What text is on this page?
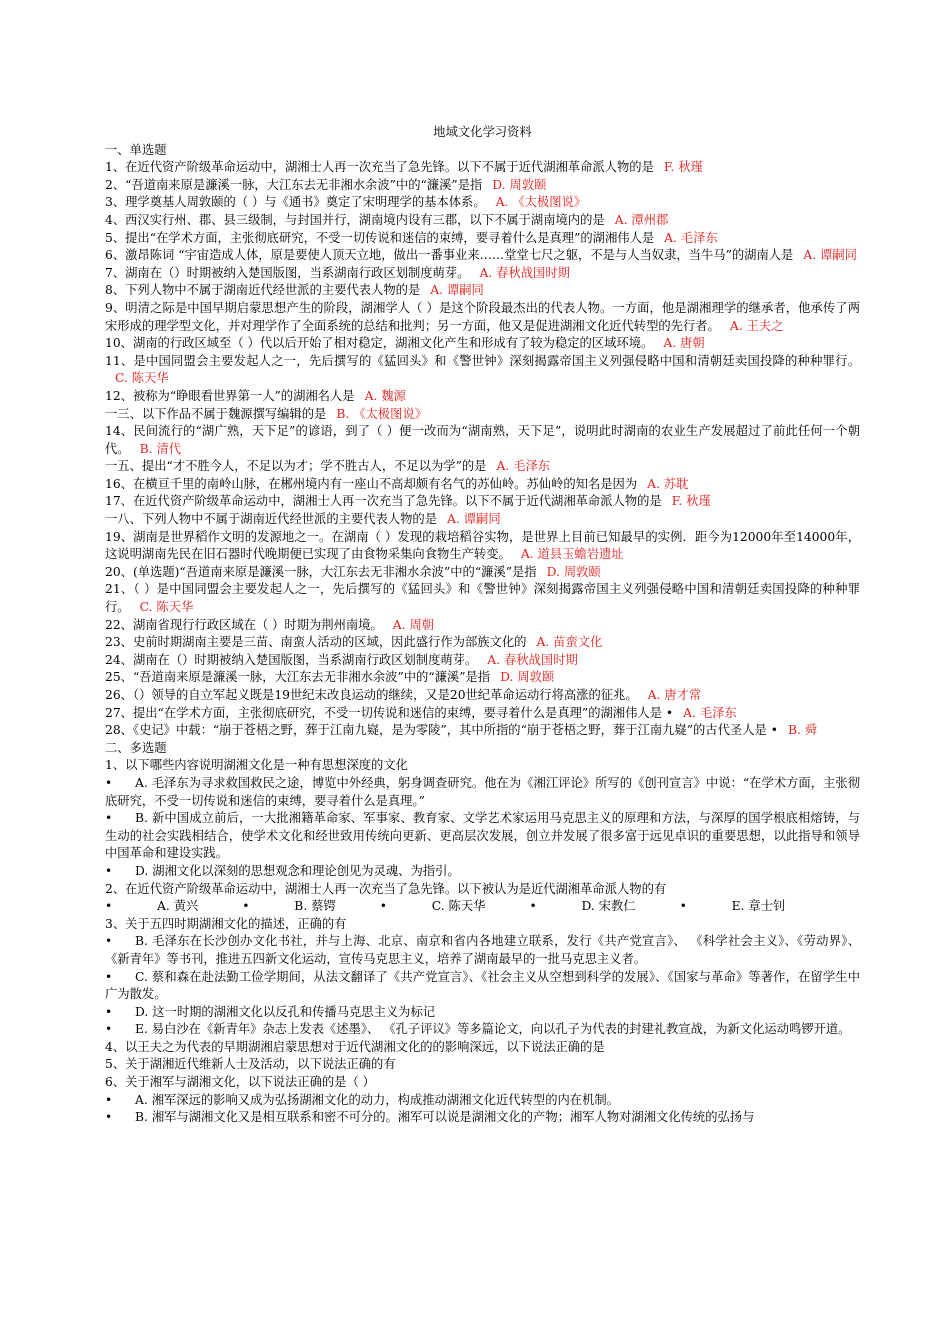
地域文化学习资料

一、单选题

1、在近代资产阶级革命运动中，湖湘士人再一次充当了急先锋。以下不属于近代湖湘革命派人物的是 F. 秋瑾

2、“吾道南来原是濂溪一脉，大江东去无非湘水余波”中的“濂溪”是指 D. 周敦颐

3、理学奠基人周敦颐的（ ）与《通书》奠定了宋明理学的基本体系。 A. 《太极图说》

4、西汉实行州、郡、县三级制，与封国并行，湖南境内设有三郡，以下不属于湖南境内的是 A. 潭州郡

5、提出“在学术方面，主张彻底研究，不受一切传说和迷信的束缚，要寻着什么是真理”的湖湘伟人是 A. 毛泽东

6、激昂陈词 “宇宙造成人体，原是要使人顶天立地，做出一番事业来……堂堂七尺之躯，不是与人当奴隶，当牛马”的湖南人是 A. 谭嗣同

7、湖南在（）时期被纳入楚国版图，当系湖南行政区划制度萌芽。 A. 春秋战国时期

8、下列人物中不属于湖南近代经世派的主要代表人物的是 A. 谭嗣同

9、明清之际是中国早期启蒙思想产生的阶段，湖湘学人（ ）是这个阶段最杰出的代表人物。一方面，他是湖湘理学的继承者，他承传了两宋形成的理学型文化，并对理学作了全面系统的总结和批判；另一方面，他又是促进湖湘文化近代转型的先行者。 A. 王夫之

10、湖南的行政区域至（ ）代以后开始了相对稳定，湖湘文化产生和形成有了较为稳定的区域环境。 A. 唐朝

11、是中国同盟会主要发起人之一，先后撰写的《猛回头》和《警世钟》深刻揭露帝国主义列强侵略中国和清朝廷卖国投降的种种罪行。C. 陈天华

12、被称为“睁眼看世界第一人”的湖湘名人是 A. 魏源

一三、以下作品不属于魏源撰写编辑的是 B. 《太极图说》

14、民间流行的“湖广熟，天下足”的谚语，到了（ ）便一改而为“湖南熟，天下足”，说明此时湖南的农业生产发展超过了前此任何一个朝代。 B. 清代

一五、提出“才不胜今人，不足以为才；学不胜古人，不足以为学”的是 A. 毛泽东

16、在横亘千里的南岭山脉，在郴州境内有一座山不高却颇有名气的苏仙岭。苏仙岭的知名是因为 A. 苏耽

17、在近代资产阶级革命运动中，湖湘士人再一次充当了急先锋。以下不属于近代湖湘革命派人物的是 F. 秋瑾

一八、下列人物中不属于湖南近代经世派的主要代表人物的是 A. 谭嗣同

19、湖南是世界稻作文明的发源地之一。在湖南（ ）发现的栽培稻谷实物，是世界上目前已知最早的实例．距今为12000年至14000年，这说明湖南先民在旧石器时代晚期便已实现了由食物采集向食物生产转变。 A. 道县玉蟾岩遗址

20、(单选题)“吾道南来原是濂溪一脉，大江东去无非湘水余波”中的“濂溪”是指 D. 周敦颐

21、（ ）是中国同盟会主要发起人之一，先后撰写的《猛回头》和《警世钟》深刻揭露帝国主义列强侵略中国和清朝廷卖国投降的种种罪行。 C. 陈天华

22、湖南省现行行政区域在（ ）时期为荆州南境。 A. 周朝

23、史前时期湖南主要是三苗、南蛮人活动的区域，因此盛行作为部族文化的 A. 苗蛮文化

24、湖南在（）时期被纳入楚国版图，当系湖南行政区划制度萌芽。 A. 春秋战国时期

25、“吾道南来原是濂溪一脉，大江东去无非湘水余波”中的“濂溪”是指 D. 周敦颐

26、（）领导的自立军起义既是19世纪末改良运动的继续，又是20世纪革命运动行将高涨的征兆。 A. 唐才常

27、提出“在学术方面，主张彻底研究，不受一切传说和迷信的束缚，要寻着什么是真理”的湖湘伟人是 • A. 毛泽东

28、《史记》中载：“崩于苍梧之野，葬于江南九嶷，是为零陵”，其中所指的“崩于苍梧之野，葬于江南九嶷”的古代圣人是 • B. 舜

二、多选题

1、以下哪些内容说明湖湘文化是一种有思想深度的文化

• A. 毛泽东为寻求救国救民之途，博览中外经典，躬身调查研究。他在为《湘江评论》所写的《创刊宣言》中说：“在学术方面，主张彻底研究，不受一切传说和迷信的束缚，要寻着什么是真理。”

• B. 新中国成立前后，一大批湘籍革命家、军事家、教育家、文学艺术家运用马克思主义的原理和方法，与深厚的国学根底相熔铸，与生动的社会实践相结合，使学术文化和经世致用传统向更新、更高层次发展，创立并发展了很多富于远见卓识的重要思想，以此指导和领导中国革命和建设实践。

• D. 湖湘文化以深刻的思想观念和理论创见为灵魂、为指引。

2、在近代资产阶级革命运动中，湖湘士人再一次充当了急先锋。以下被认为是近代湖湘革命派人物的有

•	A. 黄兴	•	B. 蔡锷	•	C. 陈天华	•	D. 宋教仁	•	E. 章士钊

3、关于五四时期湖湘文化的描述，正确的有

• B. 毛泽东在长沙创办文化书社，并与上海、北京、南京和省内各地建立联系，发行《共产党宣言》、 《科学社会主义》、《劳动界》、《新青年》等书刊，推进五四新文化运动，宣传马克思主义，培养了湖南最早的一批马克思主义者。

• C. 蔡和森在赴法勤工俭学期间，从法文翻译了《共产党宣言》、《社会主义从空想到科学的发展》、《国家与革命》等著作，在留学生中广为散发。

• D. 这一时期的湖湘文化以反孔和传播马克思主义为标记

• E. 易白沙在《新青年》杂志上发表《述墨》、 《孔子评议》等多篇论文，向以孔子为代表的封建礼教宣战，为新文化运动鸣锣开道。

4、以王夫之为代表的早期湖湘启蒙思想对于近代湖湘文化的的影响深远，以下说法正确的是

5、关于湖湘近代维新人士及活动，以下说法正确的有

6、关于湘军与湖湘文化，以下说法正确的是（ ）

• A. 湘军深远的影响又成为弘扬湖湘文化的动力，构成推动湖湘文化近代转型的内在机制。

• B. 湘军与湖湘文化又是相互联系和密不可分的。湘军可以说是湖湘文化的产物；湘军人物对湖湘文化传统的弘扬与
